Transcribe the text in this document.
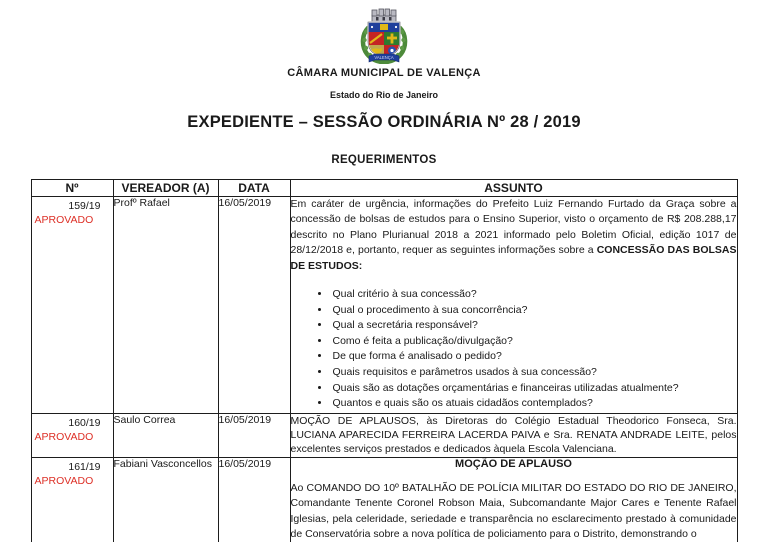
VALENÇA
CÂMARA MUNICIPAL DE VALENÇA
Estado do Rio de Janeiro
EXPEDIENTE – SESSÃO ORDINÁRIA Nº 28 / 2019
REQUERIMENTOS
Nº	VEREADOR (A)	DATA	ASSUNTO

159/19
APROVADO
	Profº Rafael	16/05/2019	Em caráter de urgência, informações do Prefeito Luiz Fernando Furtado da Graça sobre a concessão de bolsas de estudos para o Ensino Superior, visto o orçamento de R$ 208.288,17 descrito no Plano Plurianual 2018 a 2021 informado pelo Boletim Oficial, edição 1017 de 28/12/2018 e, portanto, requer as seguintes informações sobre a CONCESSÃO DAS BOLSAS DE ESTUDOS:

• Qual critério à sua concessão?
• Qual o procedimento à sua concorrência?
• Qual a secretária responsável?
• Como é feita a publicação/divulgação?
• De que forma é analisado o pedido?
• Quais requisitos e parâmetros usados à sua concessão?
• Quais são as dotações orçamentárias e financeiras utilizadas atualmente?
• Quantos e quais são os atuais cidadãos contemplados?

160/19
APROVADO	Saulo Correa	16/05/2019	MOÇÃO DE APLAUSOS, às Diretoras do Colégio Estadual Theodorico Fonseca, Sra. LUCIANA APARECIDA FERREIRA LACERDA PAIVA e Sra. RENATA ANDRADE LEITE, pelos excelentes serviços prestados e dedicados àquela Escola Valenciana.

161/19
APROVADO
	Fabiani Vasconcellos	16/05/2019	MOÇÃO DE APLAUSO

Ao COMANDO DO 10º BATALHÃO DE POLÍCIA MILITAR DO ESTADO DO RIO DE JANEIRO, Comandante Tenente Coronel Robson Maia, Subcomandante Major Cares e Tenente Rafael Iglesias, pela celeridade, seriedade e transparência no esclarecimento prestado à comunidade de Conservatória sobre a nova política de policiamento para o Distrito, demonstrando o
